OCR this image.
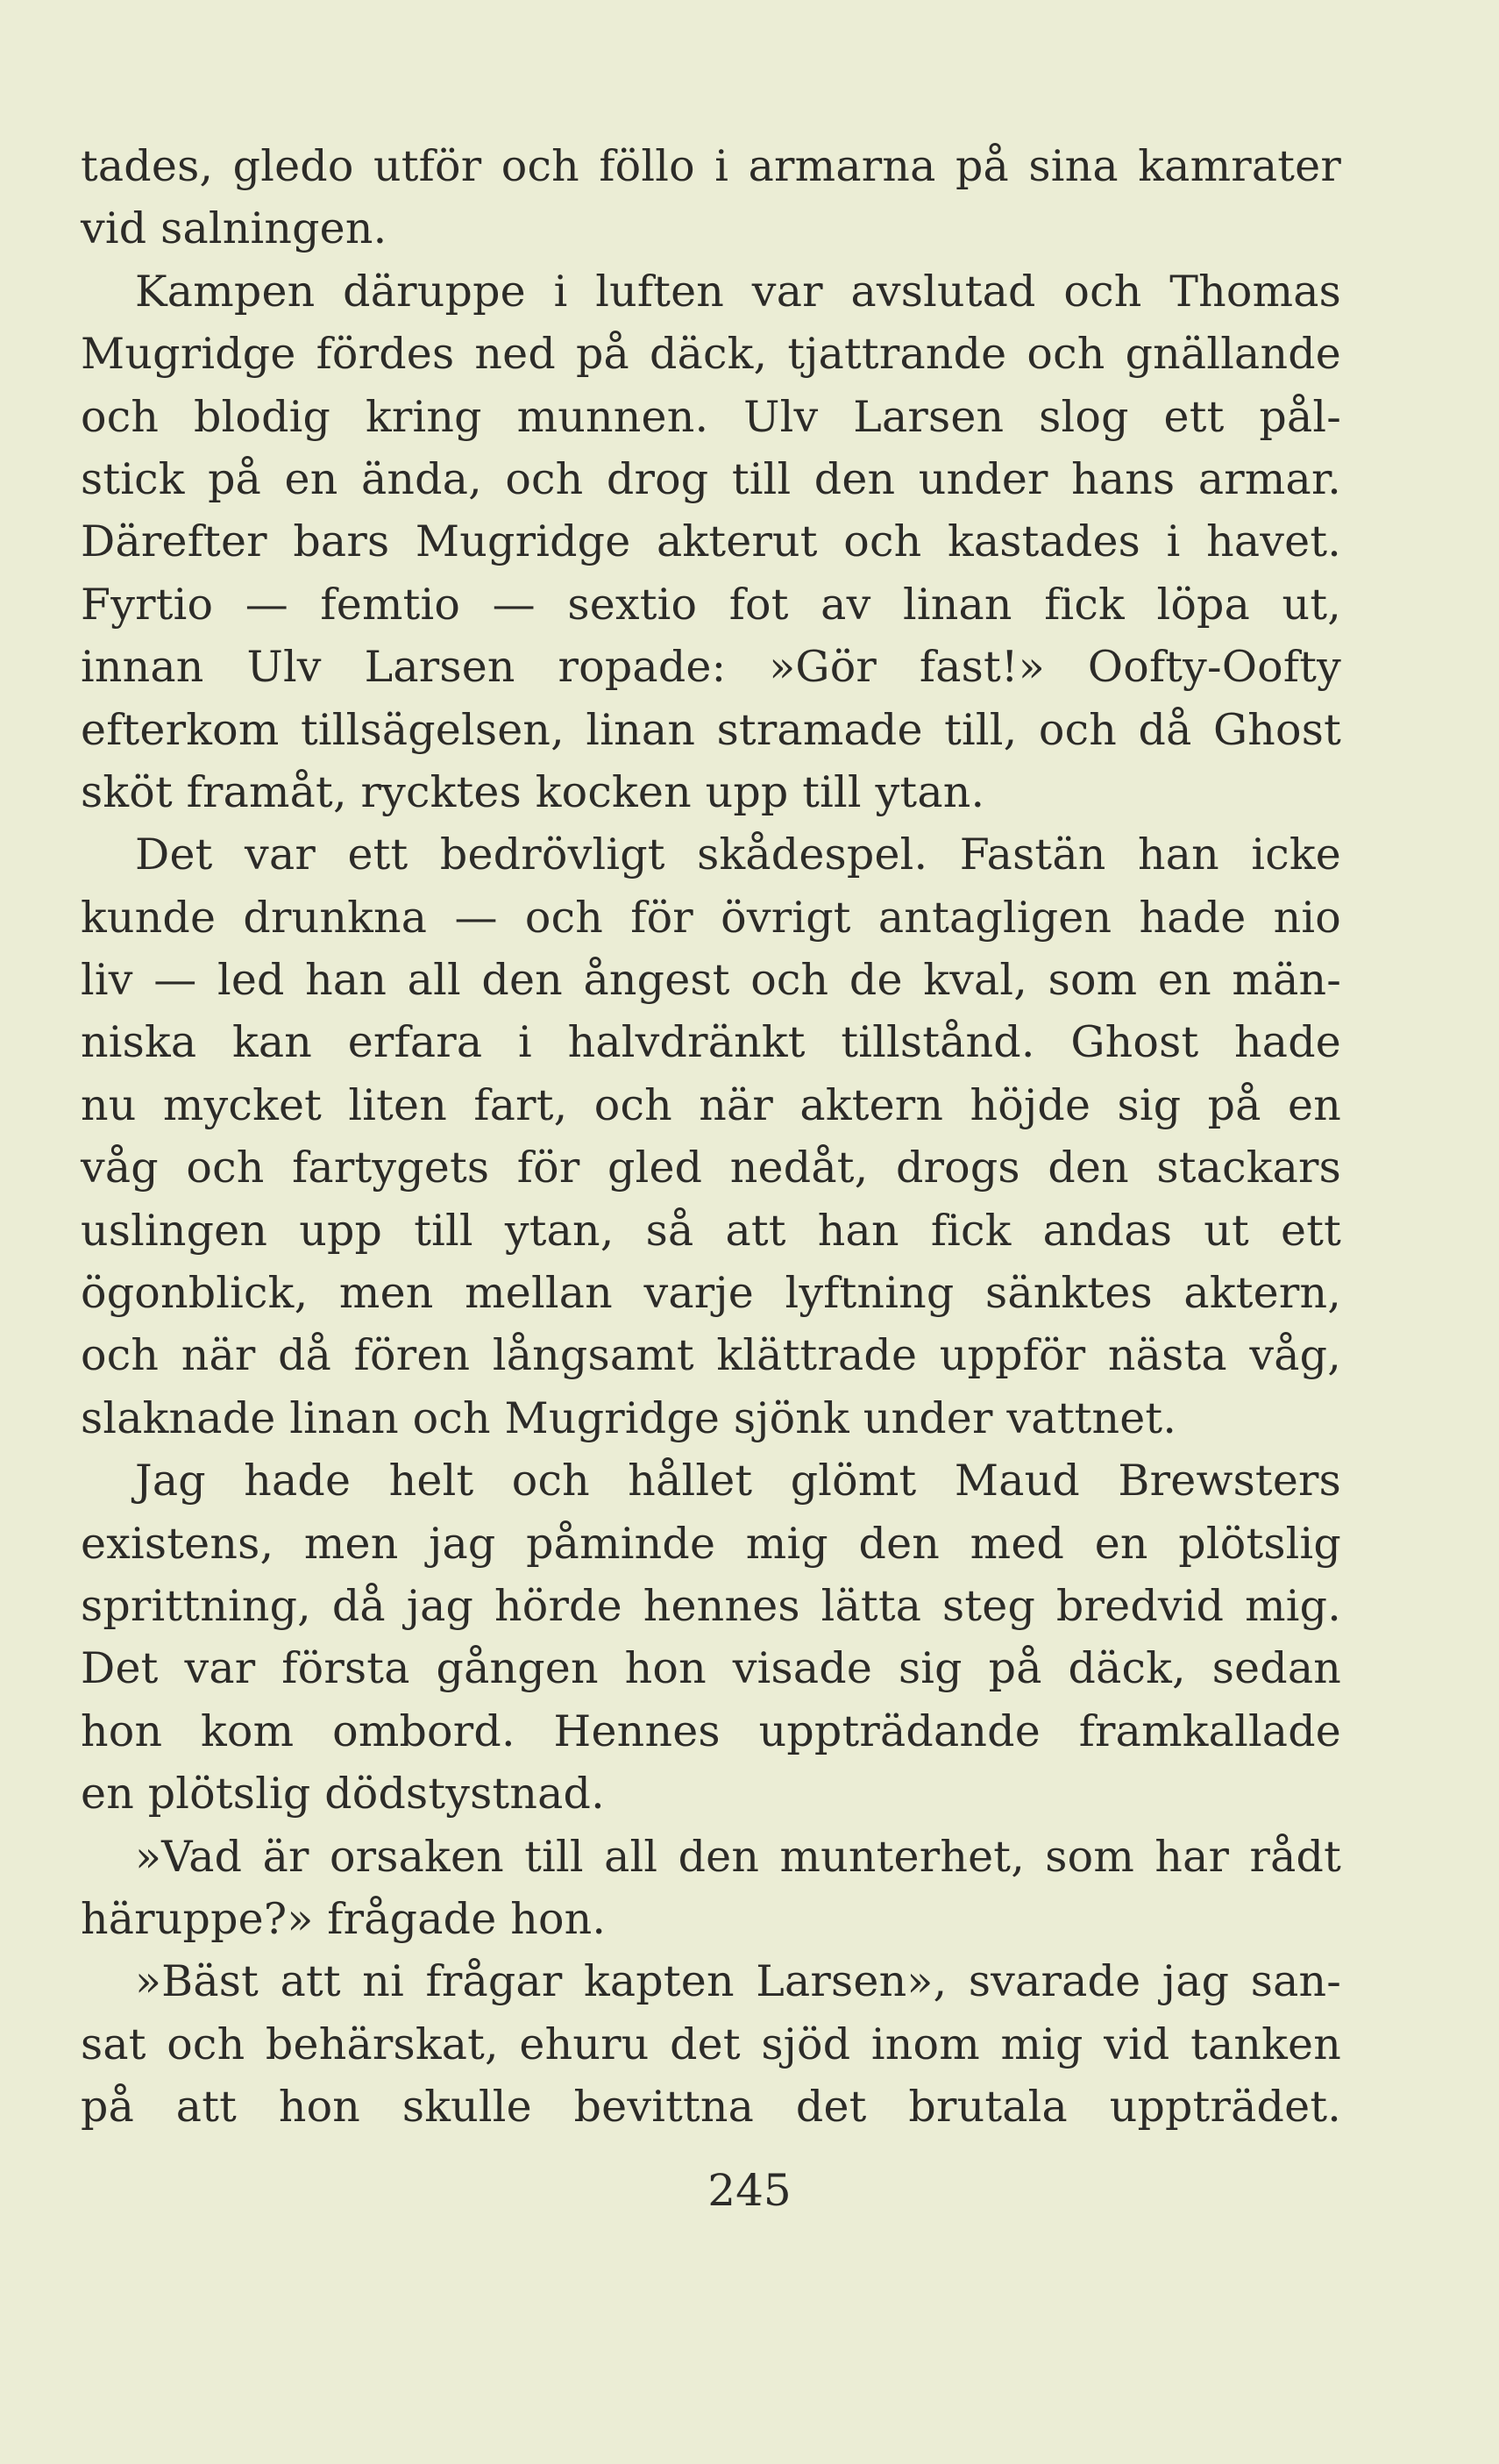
tades, gledo utför och föllo i armarna på sina kamrater
vid salningen.
Kampen däruppe i luften var avslutad och Thomas
Mugridge fördes ned på däck, tjattrande och gnällande
och blodig kring munnen. Ulv Larsen slog ett pål-
stick på en ända, och drog till den under hans armar.
Därefter bars Mugridge akterut och kastades i havet.
Fyrtio — femtio — sextio fot av linan fick löpa ut,
innan Ulv Larsen ropade: »Gör fast!» Oofty-Oofty
efterkom tillsägelsen, linan stramade till, och då Ghost
sköt framåt, rycktes kocken upp till ytan.
Det var ett bedrövligt skådespel. Fastän han icke
kunde drunkna — och för övrigt antagligen hade nio
liv — led han all den ångest och de kval, som en män-
niska kan erfara i halvdränkt tillstånd. Ghost hade
nu mycket liten fart, och när aktern höjde sig på en
våg och fartygets för gled nedåt, drogs den stackars
uslingen upp till ytan, så att han fick andas ut ett
ögonblick, men mellan varje lyftning sänktes aktern,
och när då fören långsamt klättrade uppför nästa våg,
slaknade linan och Mugridge sjönk under vattnet.
Jag hade helt och hållet glömt Maud Brewsters
existens, men jag påminde mig den med en plötslig
sprittning, då jag hörde hennes lätta steg bredvid mig.
Det var första gången hon visade sig på däck, sedan
hon kom ombord. Hennes uppträdande framkallade
en plötslig dödstystnad.
»Vad är orsaken till all den munterhet, som har rådt
häruppe?» frågade hon.
»Bäst att ni frågar kapten Larsen», svarade jag san-
sat och behärskat, ehuru det sjöd inom mig vid tanken
på att hon skulle bevittna det brutala uppträdet.
245
